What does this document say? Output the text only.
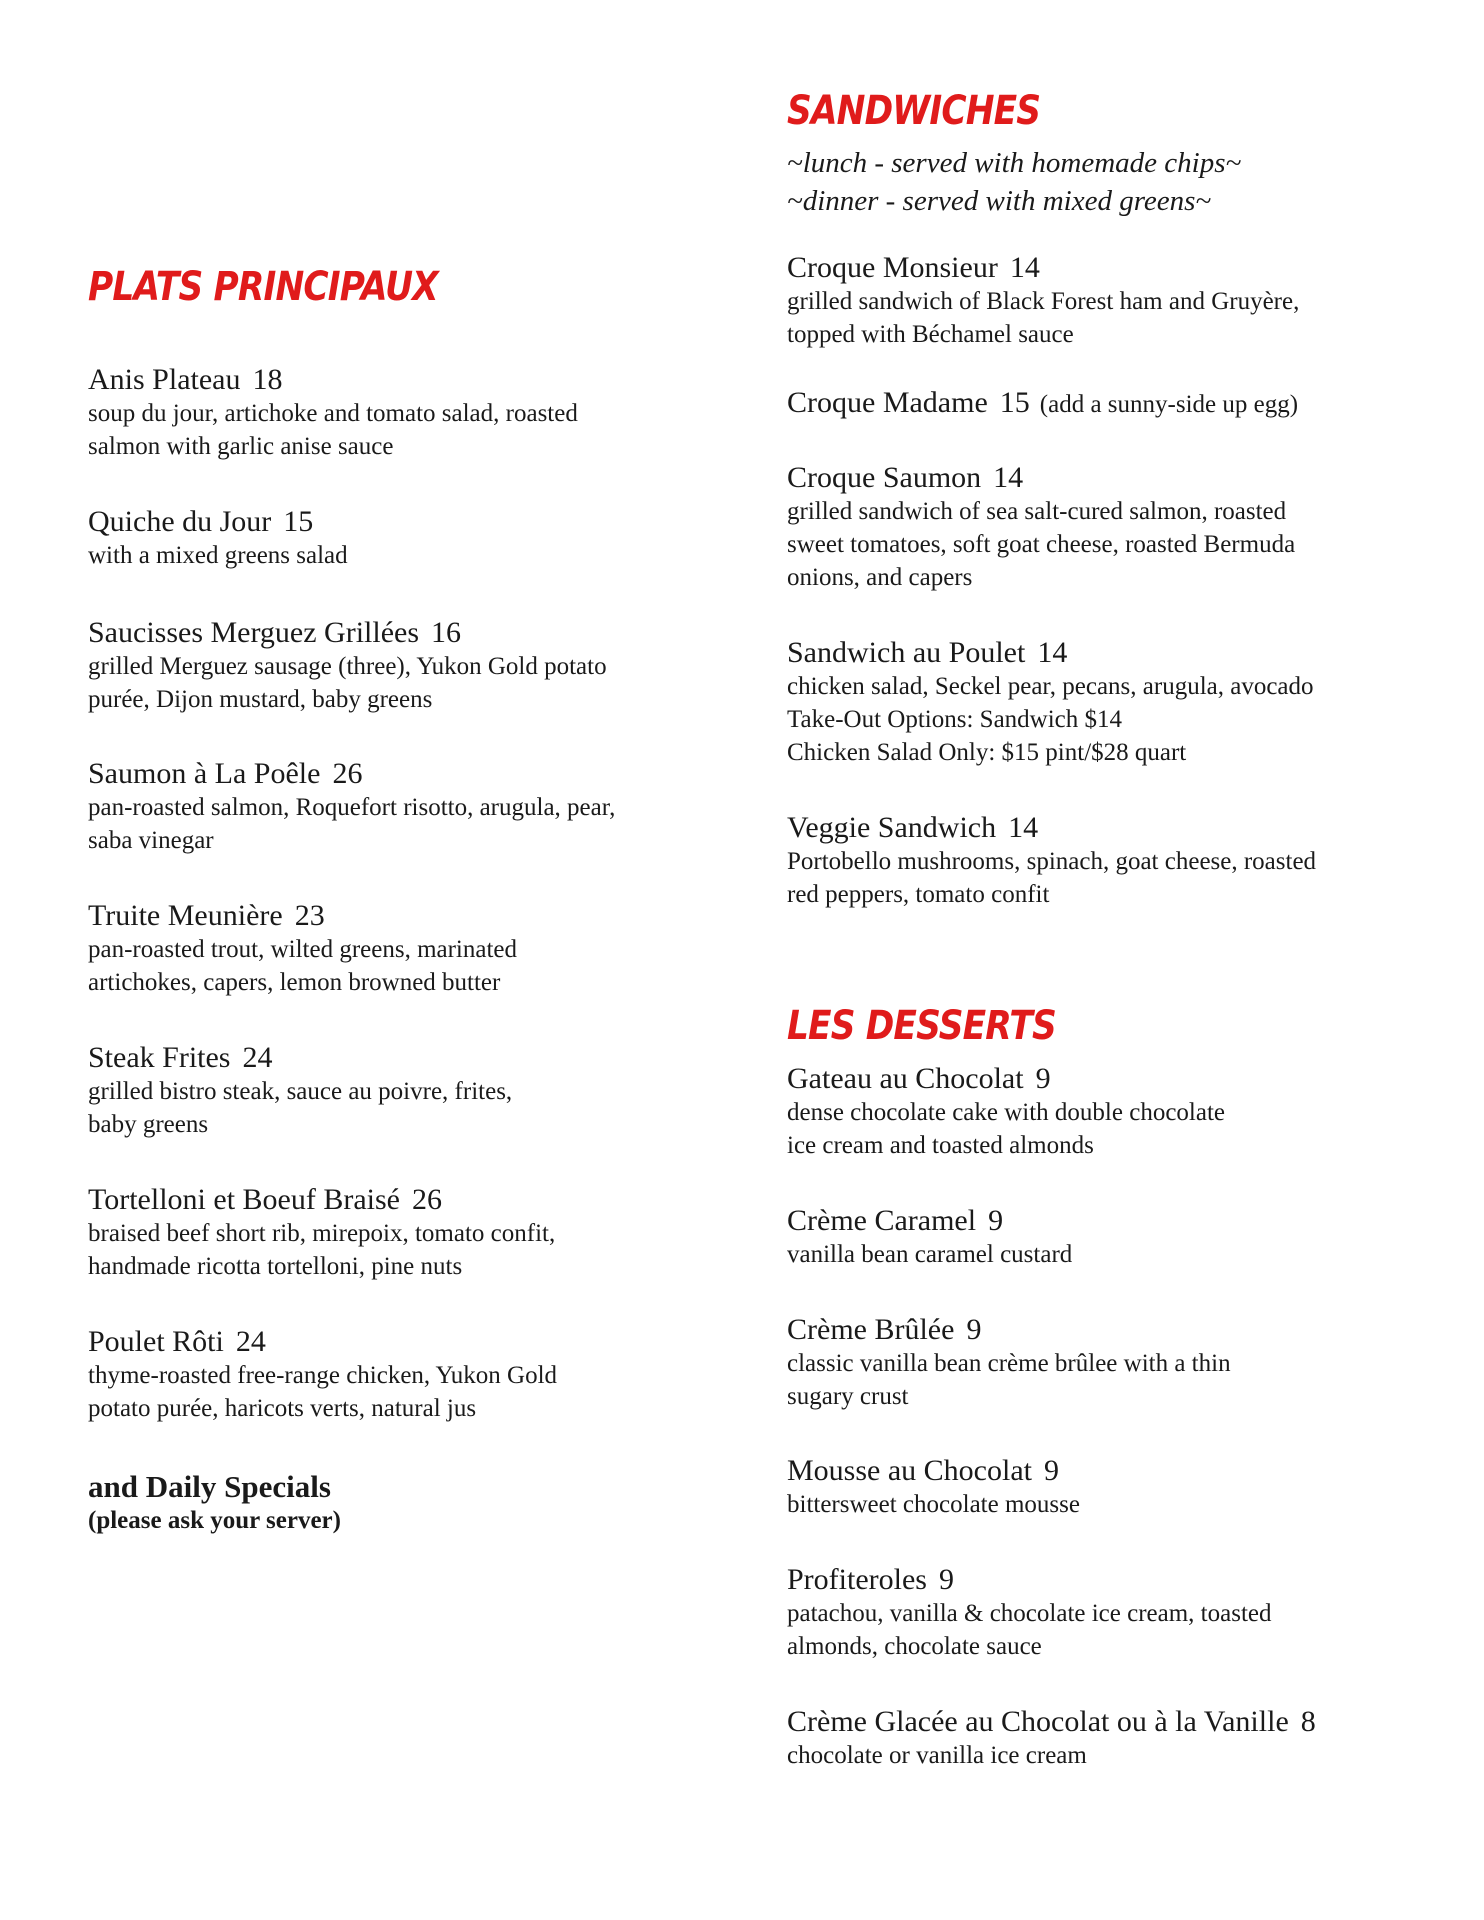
PLATS PRINCIPAUX
Anis Plateau 18
soup du jour, artichoke and tomato salad, roasted
salmon with garlic anise sauce
Quiche du Jour 15
with a mixed greens salad
Saucisses Merguez Grillées 16
grilled Merguez sausage (three), Yukon Gold potato
purée, Dijon mustard, baby greens
Saumon à La Poêle 26
pan-roasted salmon, Roquefort risotto, arugula, pear,
saba vinegar
Truite Meunière 23
pan-roasted trout, wilted greens, marinated
artichokes, capers, lemon browned butter
Steak Frites 24
grilled bistro steak, sauce au poivre, frites,
baby greens
Tortelloni et Boeuf Braisé 26
braised beef short rib, mirepoix, tomato confit,
handmade ricotta tortelloni, pine nuts
Poulet Rôti 24
thyme-roasted free-range chicken, Yukon Gold
potato purée, haricots verts, natural jus
and Daily Specials
(please ask your server)
SANDWICHES
~lunch - served with homemade chips~
~dinner - served with mixed greens~
Croque Monsieur 14
grilled sandwich of Black Forest ham and Gruyère,
topped with Béchamel sauce
Croque Madame 15 (add a sunny-side up egg)
Croque Saumon 14
grilled sandwich of sea salt-cured salmon, roasted
sweet tomatoes, soft goat cheese, roasted Bermuda
onions, and capers
Sandwich au Poulet 14
chicken salad, Seckel pear, pecans, arugula, avocado
Take-Out Options: Sandwich $14
Chicken Salad Only: $15 pint/$28 quart
Veggie Sandwich 14
Portobello mushrooms, spinach, goat cheese, roasted
red peppers, tomato confit
LES DESSERTS
Gateau au Chocolat 9
dense chocolate cake with double chocolate
ice cream and toasted almonds
Crème Caramel 9
vanilla bean caramel custard
Crème Brûlée 9
classic vanilla bean crème brûlee with a thin
sugary crust
Mousse au Chocolat 9
bittersweet chocolate mousse
Profiteroles 9
patachou, vanilla & chocolate ice cream, toasted
almonds, chocolate sauce
Crème Glacée au Chocolat ou à la Vanille 8
chocolate or vanilla ice cream
